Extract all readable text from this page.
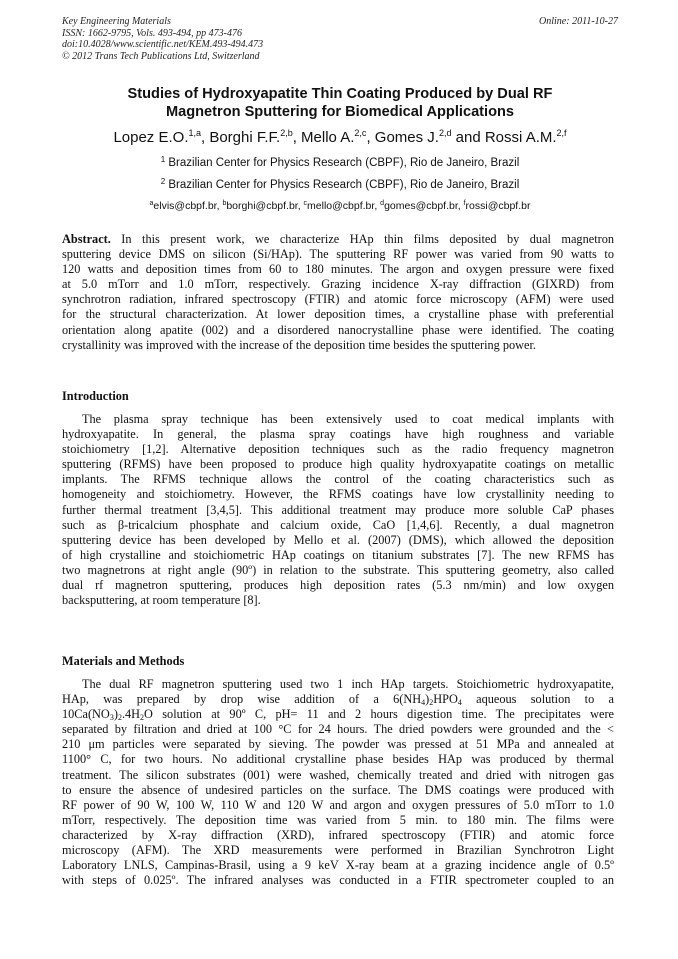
Key Engineering Materials
ISSN: 1662-9795, Vols. 493-494, pp 473-476
doi:10.4028/www.scientific.net/KEM.493-494.473
© 2012 Trans Tech Publications Ltd, Switzerland
Online: 2011-10-27
Studies of Hydroxyapatite Thin Coating Produced by Dual RF
Magnetron Sputtering for Biomedical Applications
Lopez E.O.$^{1,a}$, Borghi F.F.$^{2,b}$, Mello A.$^{2,c}$, Gomes J.$^{2,d}$ and Rossi A.M.$^{2,f}$
$^1$ Brazilian Center for Physics Research (CBPF), Rio de Janeiro, Brazil
$^2$ Brazilian Center for Physics Research (CBPF), Rio de Janeiro, Brazil
$^a$elvis@cbpf.br, $^b$borghi@cbpf.br, $^c$mello@cbpf.br, $^d$gomes@cbpf.br, $^f$rossi@cbpf.br
Abstract. In this present work, we characterize HAp thin films deposited by dual magnetron
sputtering device DMS on silicon (Si/HAp). The sputtering RF power was varied from 90 watts to
120 watts and deposition times from 60 to 180 minutes. The argon and oxygen pressure were fixed
at 5.0 mTorr and 1.0 mTorr, respectively. Grazing incidence X-ray diffraction (GIXRD) from
synchrotron radiation, infrared spectroscopy (FTIR) and atomic force microscopy (AFM) were used
for the structural characterization. At lower deposition times, a crystalline phase with preferential
orientation along apatite (002) and a disordered nanocrystalline phase were identified. The coating
crystallinity was improved with the increase of the deposition time besides the sputtering power.
Introduction
The plasma spray technique has been extensively used to coat medical implants with
hydroxyapatite. In general, the plasma spray coatings have high roughness and variable
stoichiometry [1,2]. Alternative deposition techniques such as the radio frequency magnetron
sputtering (RFMS) have been proposed to produce high quality hydroxyapatite coatings on metallic
implants. The RFMS technique allows the control of the coating characteristics such as
homogeneity and stoichiometry. However, the RFMS coatings have low crystallinity needing to
further thermal treatment [3,4,5]. This additional treatment may produce more soluble CaP phases
such as β-tricalcium phosphate and calcium oxide, CaO [1,4,6]. Recently, a dual magnetron
sputtering device has been developed by Mello et al. (2007) (DMS), which allowed the deposition
of high crystalline and stoichiometric HAp coatings on titanium substrates [7]. The new RFMS has
two magnetrons at right angle (90º) in relation to the substrate. This sputtering geometry, also called
dual rf magnetron sputtering, produces high deposition rates (5.3 nm/min) and low oxygen
backsputtering, at room temperature [8].
Materials and Methods
The dual RF magnetron sputtering used two 1 inch HAp targets. Stoichiometric hydroxyapatite,
HAp, was prepared by drop wise addition of a $6(NH_4)_2HPO_4$ aqueous solution to a
$10Ca(NO_3)_2.4H_2O$ solution at 90º C, pH= 11 and 2 hours digestion time. The precipitates were
separated by filtration and dried at 100 °C for 24 hours. The dried powders were grounded and the <
210 μm particles were separated by sieving. The powder was pressed at 51 MPa and annealed at
1100° C, for two hours. No additional crystalline phase besides HAp was produced by thermal
treatment. The silicon substrates (001) were washed, chemically treated and dried with nitrogen gas
to ensure the absence of undesired particles on the surface. The DMS coatings were produced with
RF power of 90 W, 100 W, 110 W and 120 W and argon and oxygen pressures of 5.0 mTorr to 1.0
mTorr, respectively. The deposition time was varied from 5 min. to 180 min. The films were
characterized by X-ray diffraction (XRD), infrared spectroscopy (FTIR) and atomic force
microscopy (AFM). The XRD measurements were performed in Brazilian Synchrotron Light
Laboratory LNLS, Campinas-Brasil, using a 9 keV X-ray beam at a grazing incidence angle of 0.5º
with steps of 0.025º. The infrared analyses was conducted in a FTIR spectrometer coupled to an
